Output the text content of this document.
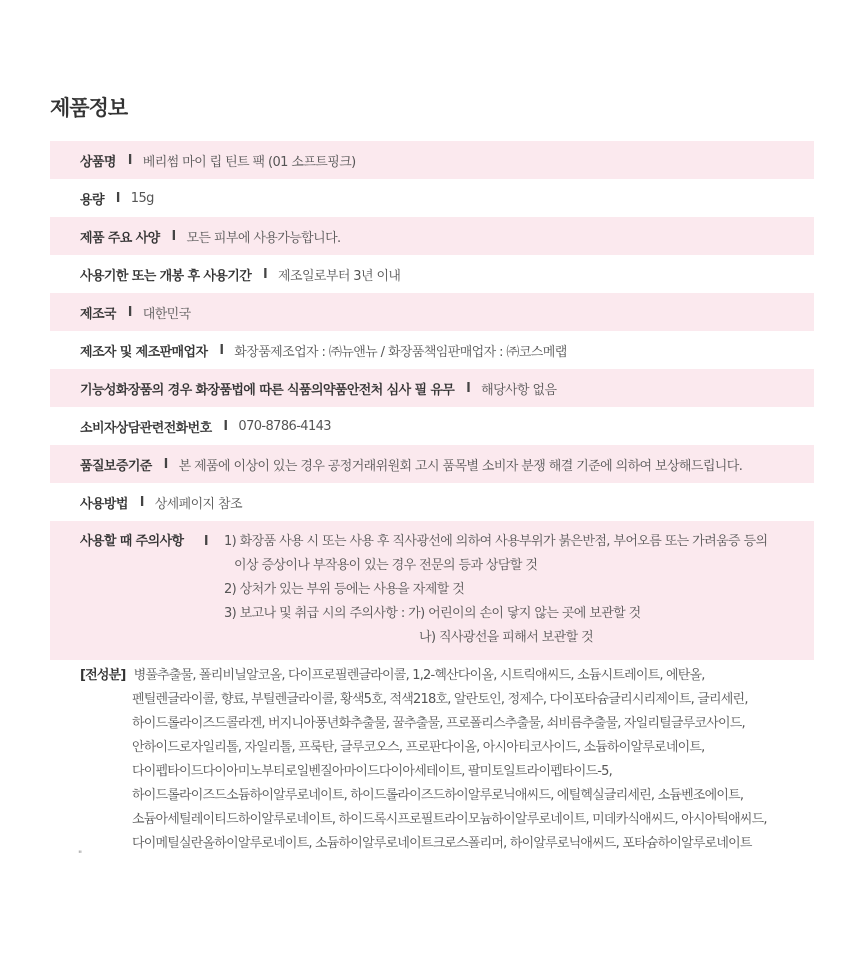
제품정보
상품명 l 베리썸 마이 립 틴트 팩 (01 소프트핑크)
용량 l 15g
제품 주요 사양 l 모든 피부에 사용가능합니다.
사용기한 또는 개봉 후 사용기간 l 제조일로부터 3년 이내
제조국 l 대한민국
제조자 및 제조판매업자 l 화장품제조업자 : ㈜뉴앤뉴 / 화장품책임판매업자 : ㈜코스메랩
기능성화장품의 경우 화장품법에 따른 식품의약품안전처 심사 필 유무 l 해당사항 없음
소비자상담관련전화번호 l 070-8786-4143
품질보증기준 l 본 제품에 이상이 있는 경우 공정거래위원회 고시 품목별 소비자 분쟁 해결 기준에 의하여 보상해드립니다.
사용방법 l 상세페이지 참조
사용할 때 주의사항 l 1) 화장품 사용 시 또는 사용 후 직사광선에 의하여 사용부위가 붉은반점, 부어오름 또는 가려움증 등의
이상 증상이나 부작용이 있는 경우 전문의 등과 상담할 것
2) 상처가 있는 부위 등에는 사용을 자제할 것
3) 보고나 및 취급 시의 주의사항 : 가) 어린이의 손이 닿지 않는 곳에 보관할 것
나) 직사광선을 피해서 보관할 것
[전성분] 병풀추출물, 폴리비닐알코올, 다이프로필렌글라이콜, 1,2-헥산다이올, 시트릭애씨드, 소듐시트레이트, 에탄올,
펜틸렌글라이콜, 향료, 부틸렌글라이콜, 황색5호, 적색218호, 알란토인, 정제수, 다이포타슘글리시리제이트, 글리세린,
하이드롤라이즈드콜라겐, 버지니아풍년화추출물, 꿀추출물, 프로폴리스추출물, 쇠비름추출물, 자일리틸글루코사이드,
안하이드로자일리톨, 자일리톨, 프룩탄, 글루코오스, 프로판다이올, 아시아티코사이드, 소듐하이알루로네이트,
다이펩타이드다이아미노부티로일벤질아마이드다이아세테이트, 팔미토일트라이펩타이드-5,
하이드롤라이즈드소듐하이알루로네이트, 하이드롤라이즈드하이알루로닉애씨드, 에틸헥실글리세린, 소듐벤조에이트,
소듐아세틸레이티드하이알루로네이트, 하이드록시프로필트라이모늄하이알루로네이트, 미데카식애씨드, 아시아틱애씨드,
다이메틸실란올하이알루로네이트, 소듐하이알루로네이트크로스폴리머, 하이알루로닉애씨드, 포타슘하이알루로네이트
"
